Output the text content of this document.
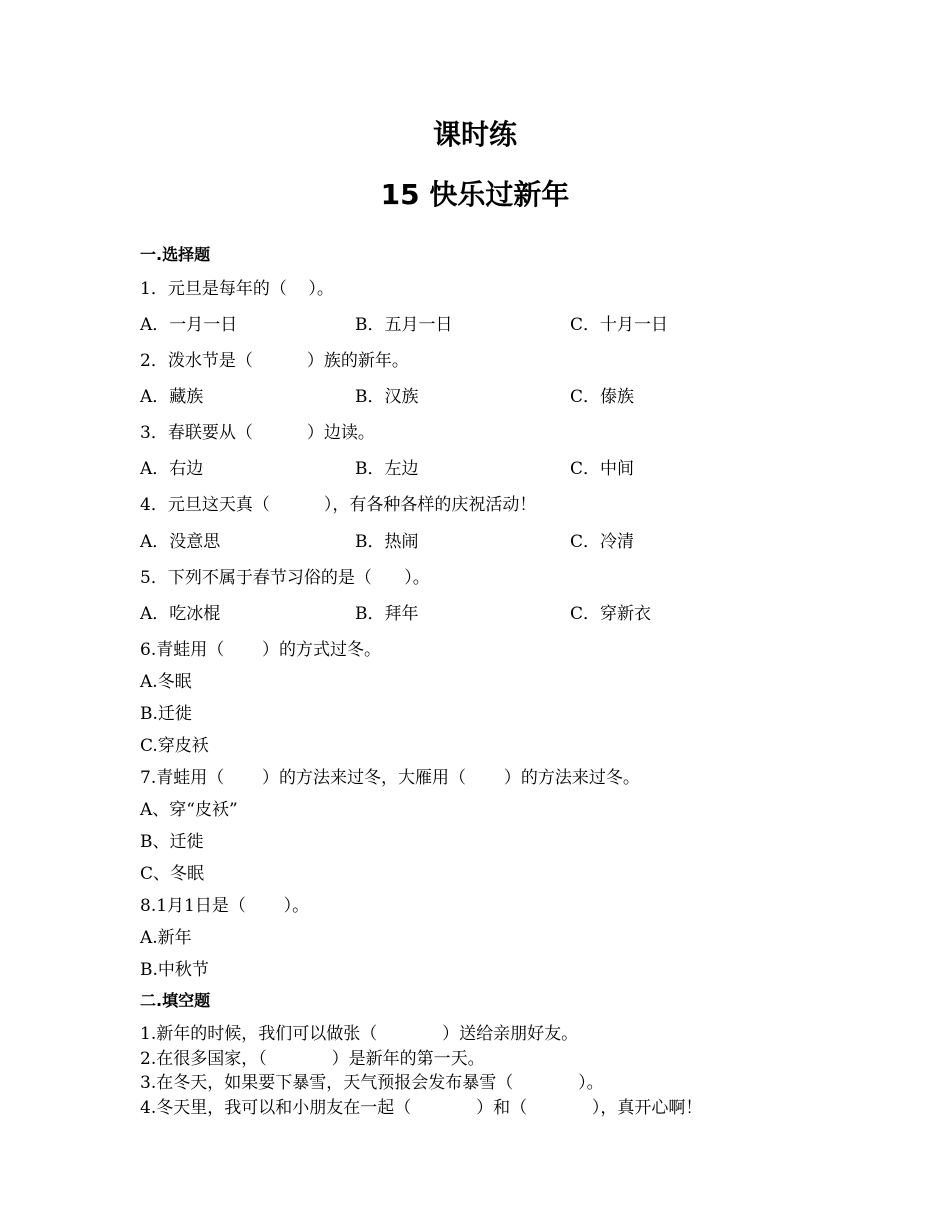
课时练
15 快乐过新年
一.选择题
1．元旦是每年的（    ）。
A．一月一日	B．五月一日	C．十月一日
2．泼水节是（          ）族的新年。
A．藏族	B．汉族	C．傣族
3．春联要从（          ）边读。
A．右边	B．左边	C．中间
4．元旦这天真（          ），有各种各样的庆祝活动！
A．没意思	B．热闹	C．冷清
5．下列不属于春节习俗的是（      ）。
A．吃冰棍	B．拜年	C．穿新衣
6.青蛙用（       ）的方式过冬。
A.冬眠
B.迁徙
C.穿皮袄
7.青蛙用（       ）的方法来过冬，大雁用（       ）的方法来过冬。
A、穿“皮袄”
B、迁徙
C、冬眠
8.1月1日是（       ）。
A.新年
B.中秋节
二.填空题
1.新年的时候，我们可以做张（            ）送给亲朋好友。
2.在很多国家，（            ）是新年的第一天。
3.在冬天，如果要下暴雪，天气预报会发布暴雪（            ）。
4.冬天里，我可以和小朋友在一起（            ）和（            ），真开心啊！
